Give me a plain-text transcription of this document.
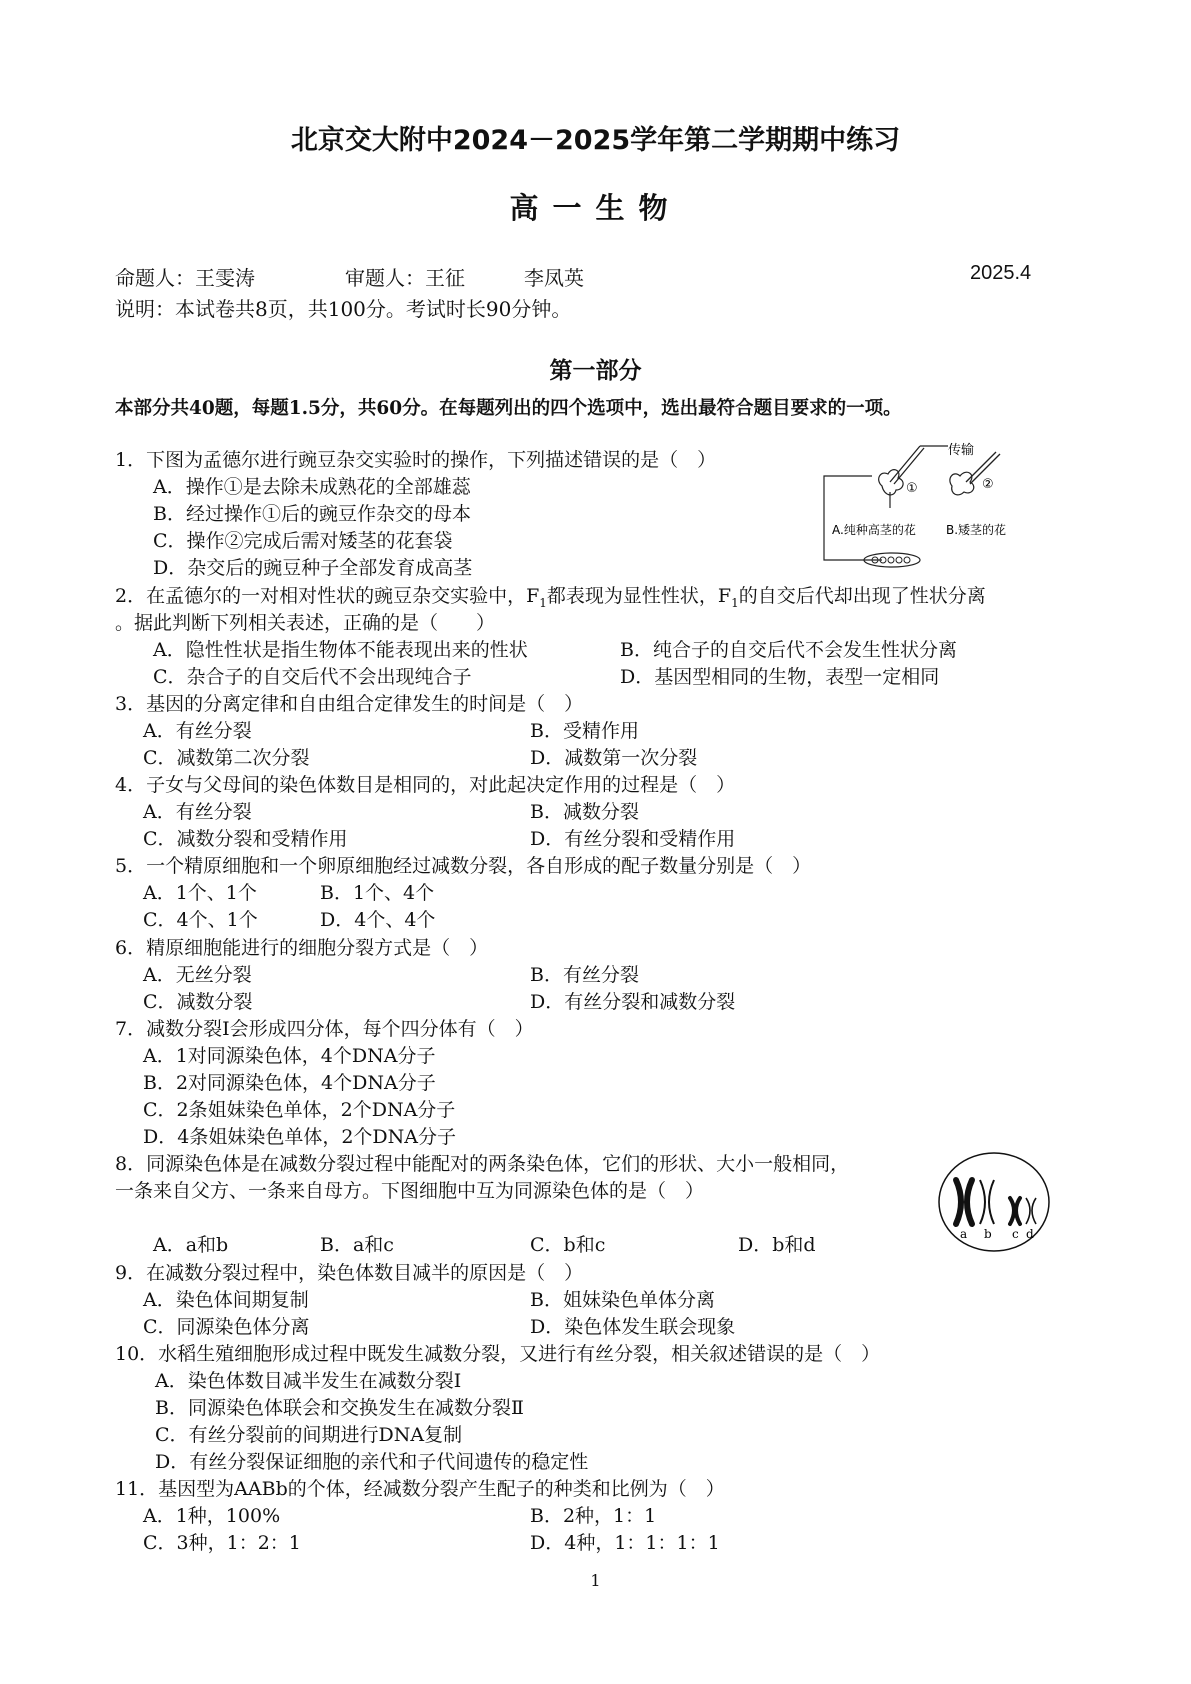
北京交大附中2024－2025学年第二学期期中练习
高一生物
命题人：王雯涛	审题人：王征	李凤英	2025.4
说明：本试卷共8页，共100分。考试时长90分钟。
第一部分
本部分共40题，每题1.5分，共60分。在每题列出的四个选项中，选出最符合题目要求的一项。
1．下图为孟德尔进行豌豆杂交实验时的操作，下列描述错误的是（　）
A．操作①是去除未成熟花的全部雄蕊
B．经过操作①后的豌豆作杂交的母本
C．操作②完成后需对矮茎的花套袋
D．杂交后的豌豆种子全部发育成高茎
传输
①	②
A.纯种高茎的花	B.矮茎的花
2．在孟德尔的一对相对性状的豌豆杂交实验中，$F_1$都表现为显性性状，$F_1$的自交后代却出现了性状分离
。据此判断下列相关表述，正确的是（　　）
A．隐性性状是指生物体不能表现出来的性状	B．纯合子的自交后代不会发生性状分离
C．杂合子的自交后代不会出现纯合子	D．基因型相同的生物，表型一定相同
3．基因的分离定律和自由组合定律发生的时间是（　）
A．有丝分裂	B．受精作用
C．减数第二次分裂	D．减数第一次分裂
4．子女与父母间的染色体数目是相同的，对此起决定作用的过程是（　）
A．有丝分裂	B．减数分裂
C．减数分裂和受精作用	D．有丝分裂和受精作用
5．一个精原细胞和一个卵原细胞经过减数分裂，各自形成的配子数量分别是（　）
A．1个、1个	B．1个、4个
C．4个、1个	D．4个、4个
6．精原细胞能进行的细胞分裂方式是（　）
A．无丝分裂	B．有丝分裂
C．减数分裂	D．有丝分裂和减数分裂
7．减数分裂Ⅰ会形成四分体，每个四分体有（　）
A．1对同源染色体，4个DNA分子
B．2对同源染色体，4个DNA分子
C．2条姐妹染色单体，2个DNA分子
D．4条姐妹染色单体，2个DNA分子
8．同源染色体是在减数分裂过程中能配对的两条染色体，它们的形状、大小一般相同，
一条来自父方、一条来自母方。下图细胞中互为同源染色体的是（　）
A．a和b	B．a和c	C．b和c	D．b和d	a b c d
9．在减数分裂过程中，染色体数目减半的原因是（　）
A．染色体间期复制	B．姐妹染色单体分离
C．同源染色体分离	D．染色体发生联会现象
10．水稻生殖细胞形成过程中既发生减数分裂，又进行有丝分裂，相关叙述错误的是（　）
A．染色体数目减半发生在减数分裂Ⅰ
B．同源染色体联会和交换发生在减数分裂Ⅱ
C．有丝分裂前的间期进行DNA复制
D．有丝分裂保证细胞的亲代和子代间遗传的稳定性
11．基因型为AABb的个体，经减数分裂产生配子的种类和比例为（　）
A．1种，100%	B．2种，1：1
C．3种，1：2：1	D．4种，1：1：1：1
1
